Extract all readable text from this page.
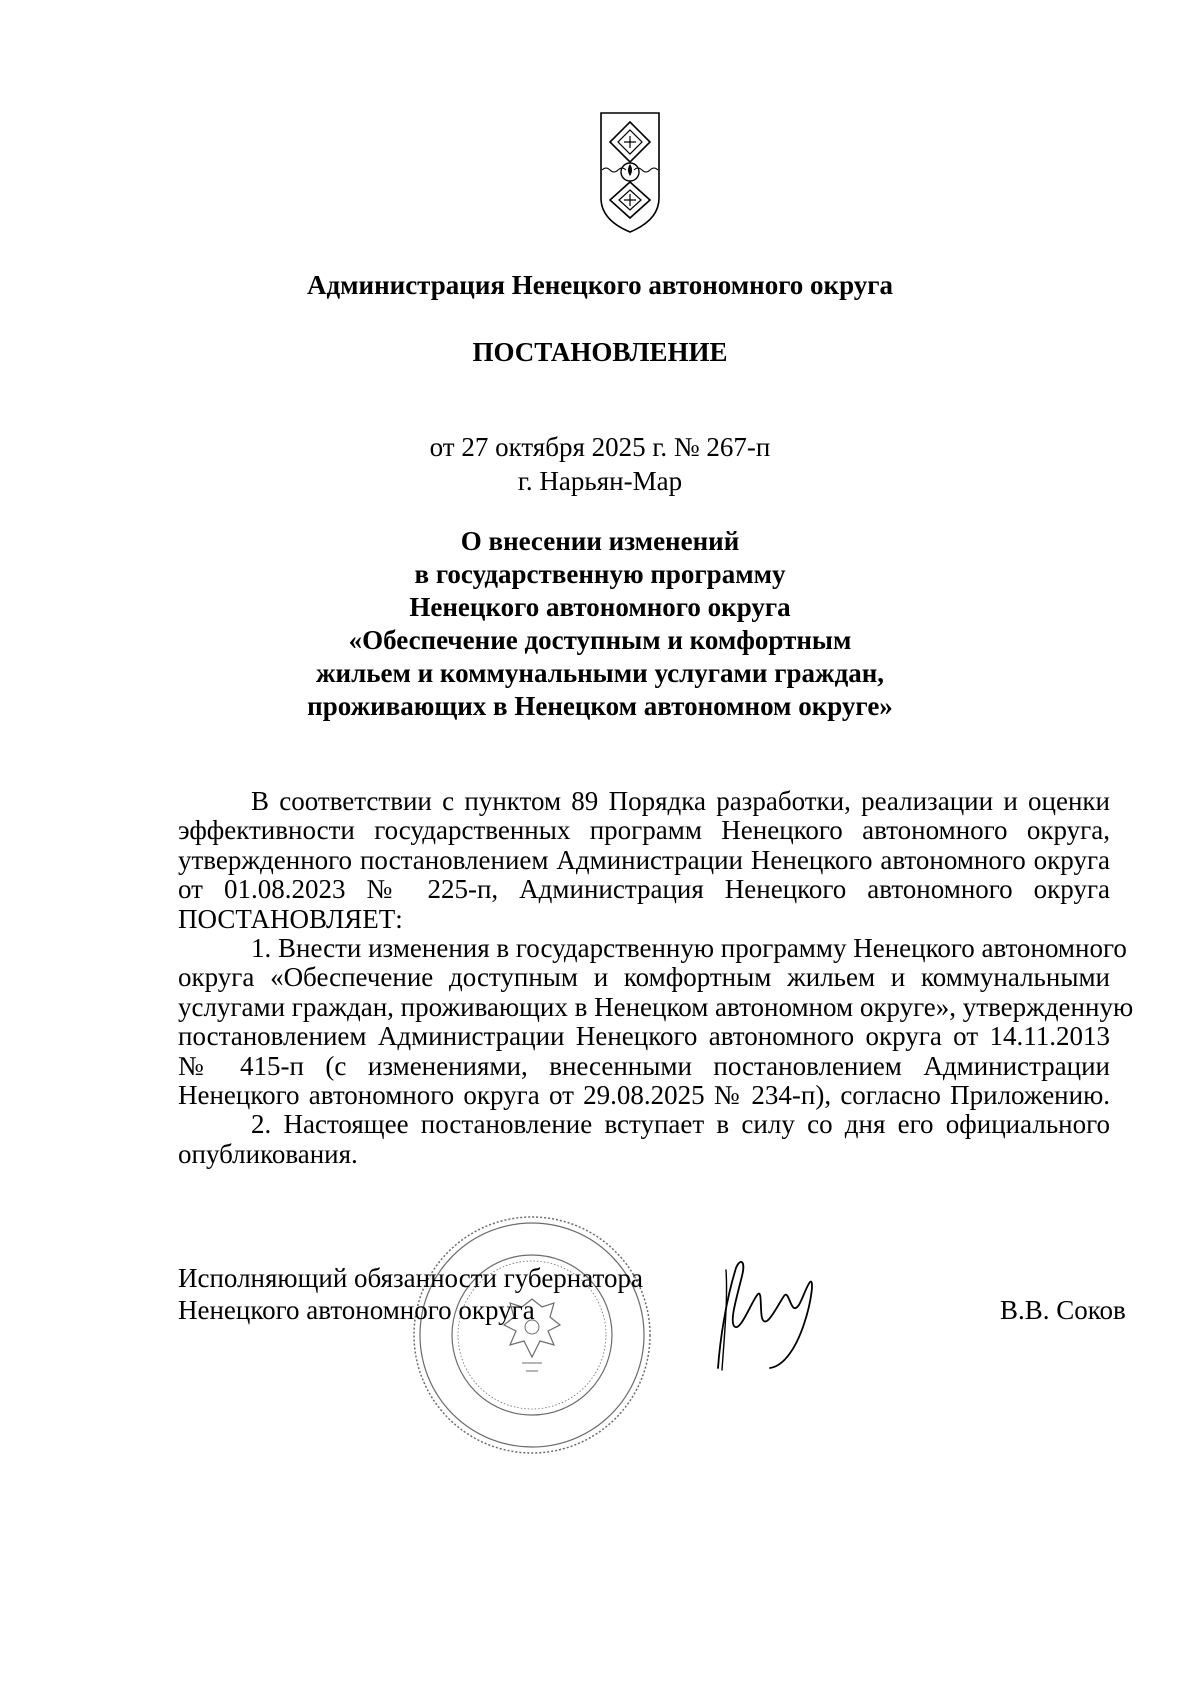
Администрация Ненецкого автономного округа
ПОСТАНОВЛЕНИЕ
от 27 октября 2025 г. № 267-п
г. Нарьян-Мар
О внесении изменений
в государственную программу
Ненецкого автономного округа
«Обеспечение доступным и комфортным
жильем и коммунальными услугами граждан,
проживающих в Ненецком автономном округе»
В соответствии с пунктом 89 Порядка разработки, реализации и оценки
эффективности государственных программ Ненецкого автономного округа,
утвержденного постановлением Администрации Ненецкого автономного округа
от 01.08.2023 № 225-п, Администрация Ненецкого автономного округа
ПОСТАНОВЛЯЕТ:
1. Внести изменения в государственную программу Ненецкого автономного
округа «Обеспечение доступным и комфортным жильем и коммунальными
услугами граждан, проживающих в Ненецком автономном округе», утвержденную
постановлением Администрации Ненецкого автономного округа от 14.11.2013
№ 415-п (с изменениями, внесенными постановлением Администрации
Ненецкого автономного округа от 29.08.2025 № 234-п), согласно Приложению.
2. Настоящее постановление вступает в силу со дня его официального
опубликования.
Исполняющий обязанности губернатора
Ненецкого автономного округа	В.В. Соков
